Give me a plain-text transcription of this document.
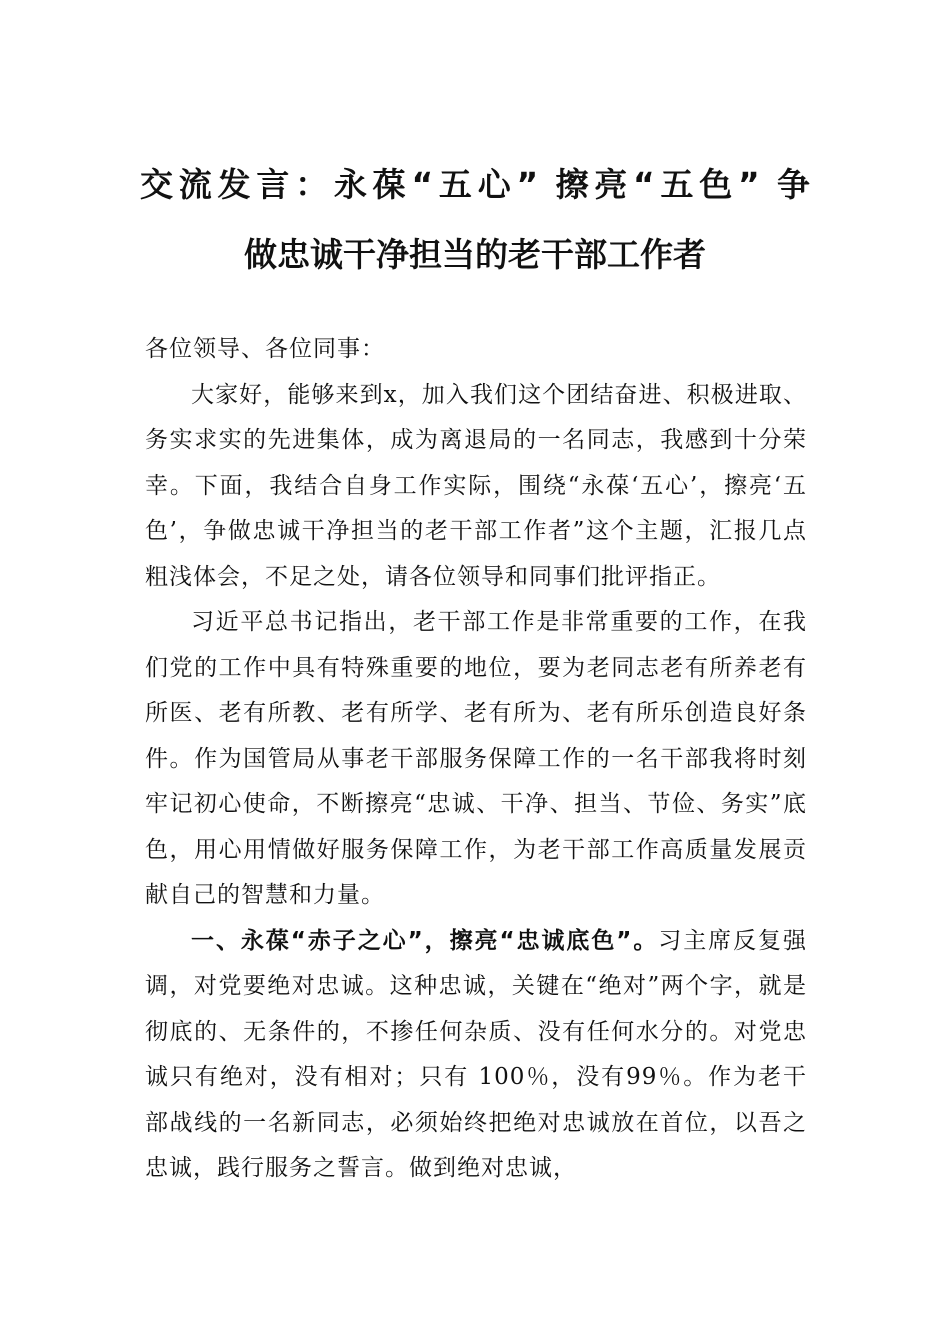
交流发言：永葆“五心” 擦亮“五色” 争
做忠诚干净担当的老干部工作者

各位领导、各位同事：

大家好，能够来到x，加入我们这个团结奋进、积极进取、务实求实的先进集体，成为离退局的一名同志，我感到十分荣幸。下面，我结合自身工作实际，围绕“永葆‘五心’，擦亮‘五色’，争做忠诚干净担当的老干部工作者”这个主题，汇报几点粗浅体会，不足之处，请各位领导和同事们批评指正。

习近平总书记指出，老干部工作是非常重要的工作，在我们党的工作中具有特殊重要的地位，要为老同志老有所养老有所医、老有所教、老有所学、老有所为、老有所乐创造良好条件。作为国管局从事老干部服务保障工作的一名干部我将时刻牢记初心使命，不断擦亮“忠诚、干净、担当、节俭、务实”底色，用心用情做好服务保障工作，为老干部工作高质量发展贡献自己的智慧和力量。

一、永葆“赤子之心”，擦亮“忠诚底色”。习主席反复强调，对党要绝对忠诚。这种忠诚，关键在“绝对”两个字，就是彻底的、无条件的，不掺任何杂质、没有任何水分的。对党忠诚只有绝对，没有相对；只有 100％，没有99％。作为老干部战线的一名新同志，必须始终把绝对忠诚放在首位，以吾之忠诚，践行服务之誓言。做到绝对忠诚，
